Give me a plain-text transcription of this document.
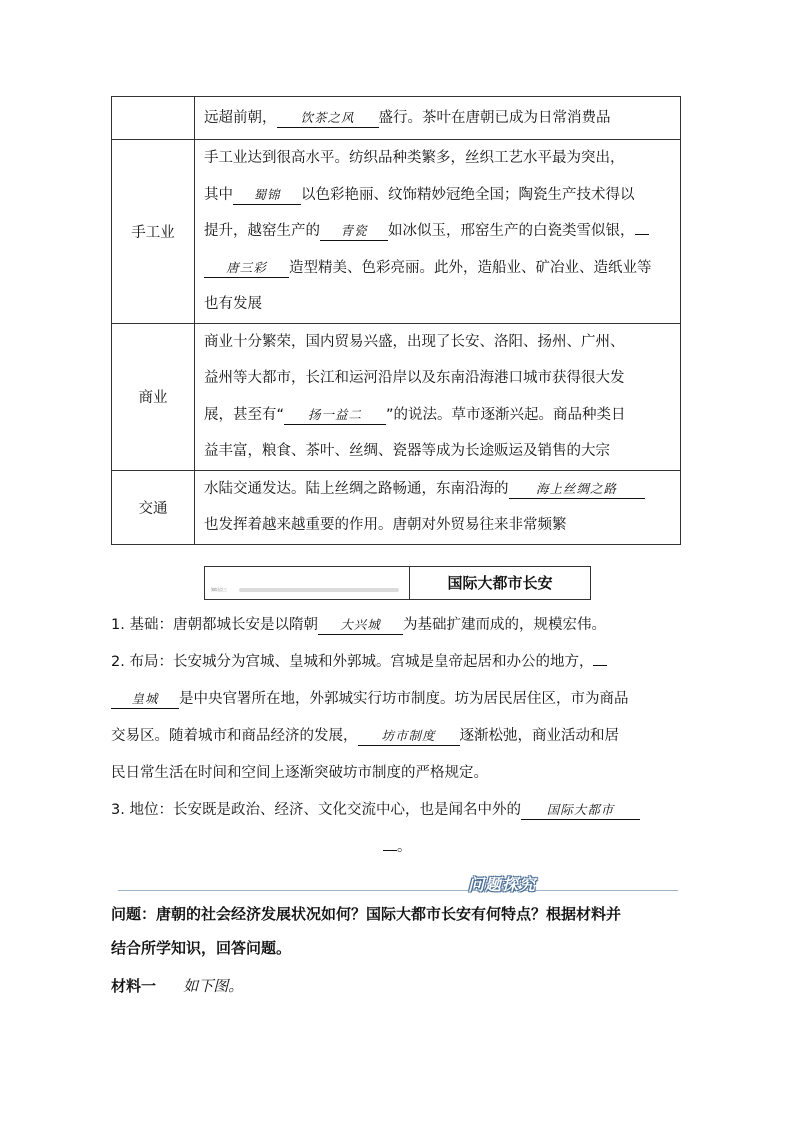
	远超前朝， 饮茶之风 盛行。茶叶在唐朝已成为日常消费品

手工业	手工业达到很高水平。纺织品种类繁多，丝织工艺水平最为突出，
其中 蜀锦 以色彩艳丽、纹饰精妙冠绝全国；陶瓷生产技术得以
提升，越窑生产的 青瓷 如冰似玉，邢窑生产的白瓷类雪似银，
唐三彩 造型精美、色彩亮丽。此外，造船业、矿冶业、造纸业等
也有发展

商业	商业十分繁荣，国内贸易兴盛，出现了长安、洛阳、扬州、广州、
益州等大都市，长江和运河沿岸以及东南沿海港口城市获得很大发
展，甚至有“ 扬一益二 ”的说法。草市逐渐兴起。商品种类日
益丰富，粮食、茶叶、丝绸、瓷器等成为长途贩运及销售的大宗

交通	水陆交通发达。陆上丝绸之路畅通，东南沿海的 海上丝绸之路
也发挥着越来越重要的作用。唐朝对外贸易往来非常频繁
知识点三	国际大都市长安
1. 基础：唐朝都城长安是以隋朝 大兴城 为基础扩建而成的，规模宏伟。
2. 布局：长安城分为宫城、皇城和外郭城。宫城是皇帝起居和办公的地方，
皇城 是中央官署所在地，外郭城实行坊市制度。坊为居民居住区，市为商品
交易区。随着城市和商品经济的发展， 坊市制度 逐渐松弛，商业活动和居
民日常生活在时间和空间上逐渐突破坊市制度的严格规定。
3. 地位：长安既是政治、经济、文化交流中心，也是闻名中外的 国际大都市
。
问题探究
问题：唐朝的社会经济发展状况如何？国际大都市长安有何特点？根据材料并
结合所学知识，回答问题。
材料一 如下图。
